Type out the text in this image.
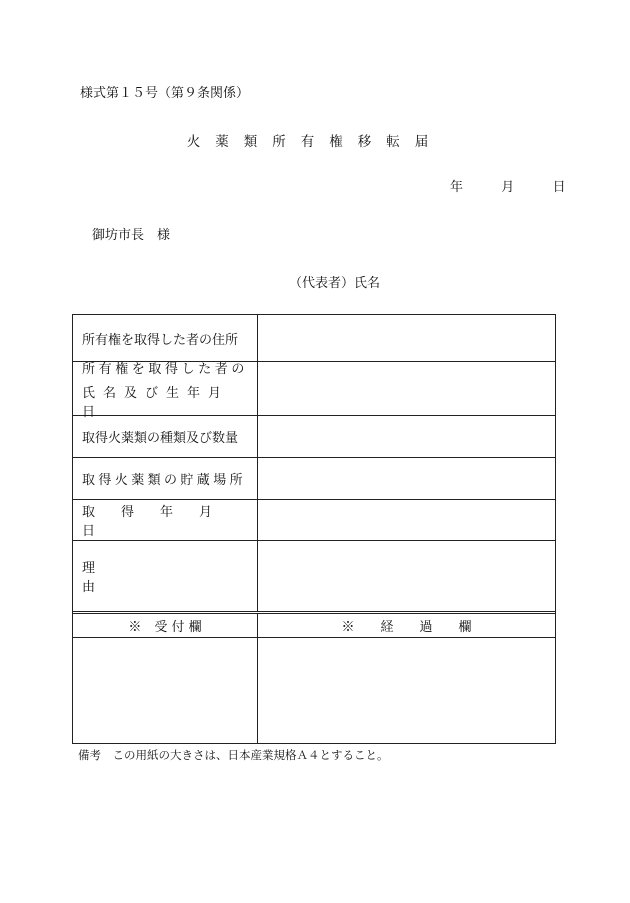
様式第１５号（第９条関係）
火薬類所有権移転届
年	月	日
御坊市長　様
（代表者）氏名
所有権を取得した者の住所
所有権を取得した者の
氏名及び生年月日
取得火薬類の種類及び数量
取得火薬類の貯蔵場所
取得年月日
理由
※　受 付 欄	※　　経　　過　　欄
備考　この用紙の大きさは、日本産業規格Ａ４とすること。
